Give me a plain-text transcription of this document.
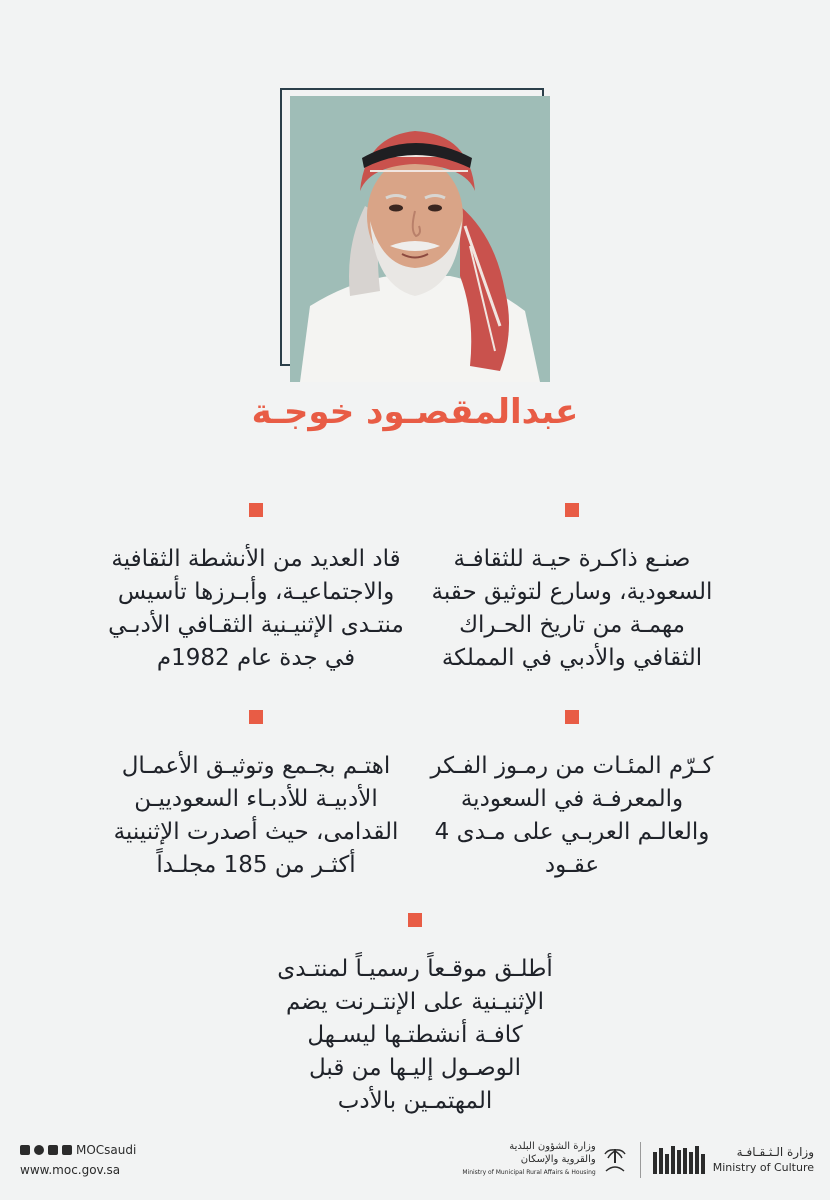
عبدالمقصـود خوجـة
صنـع ذاكـرة حيـة للثقافـة السعودية، وسارع لتوثيق حقبة مهمـة من تاريخ الحـراك الثقافي والأدبي في المملكة
قاد العديد من الأنشطة الثقافية والاجتماعيـة، وأبـرزها تأسيس منتـدى الإثنيـنية الثقـافي الأدبـي في جدة عام 1982م
كـرّم المئـات من رمـوز الفـكر والمعرفـة في السعودية والعالـم العربـي على مـدى 4 عقـود
اهتـم بجـمع وتوثيـق الأعمـال الأدبيـة للأدبـاء السعودييـن القدامى، حيث أصدرت الإثنينية أكثـر من 185 مجلـداً
أطلـق موقـعاً رسميـاً لمنتـدى الإثنيـنية على الإنتـرنت يضم كافـة أنشطتـها ليسـهل الوصـول إليـها من قبل المهتمـين بالأدب
MOCsaudi
www.moc.gov.sa
وزارة الـثـقـافـة
Ministry of Culture
وزارة الشؤون البلدية
والقروية والإسكان
Ministry of Municipal Rural Affairs & Housing
